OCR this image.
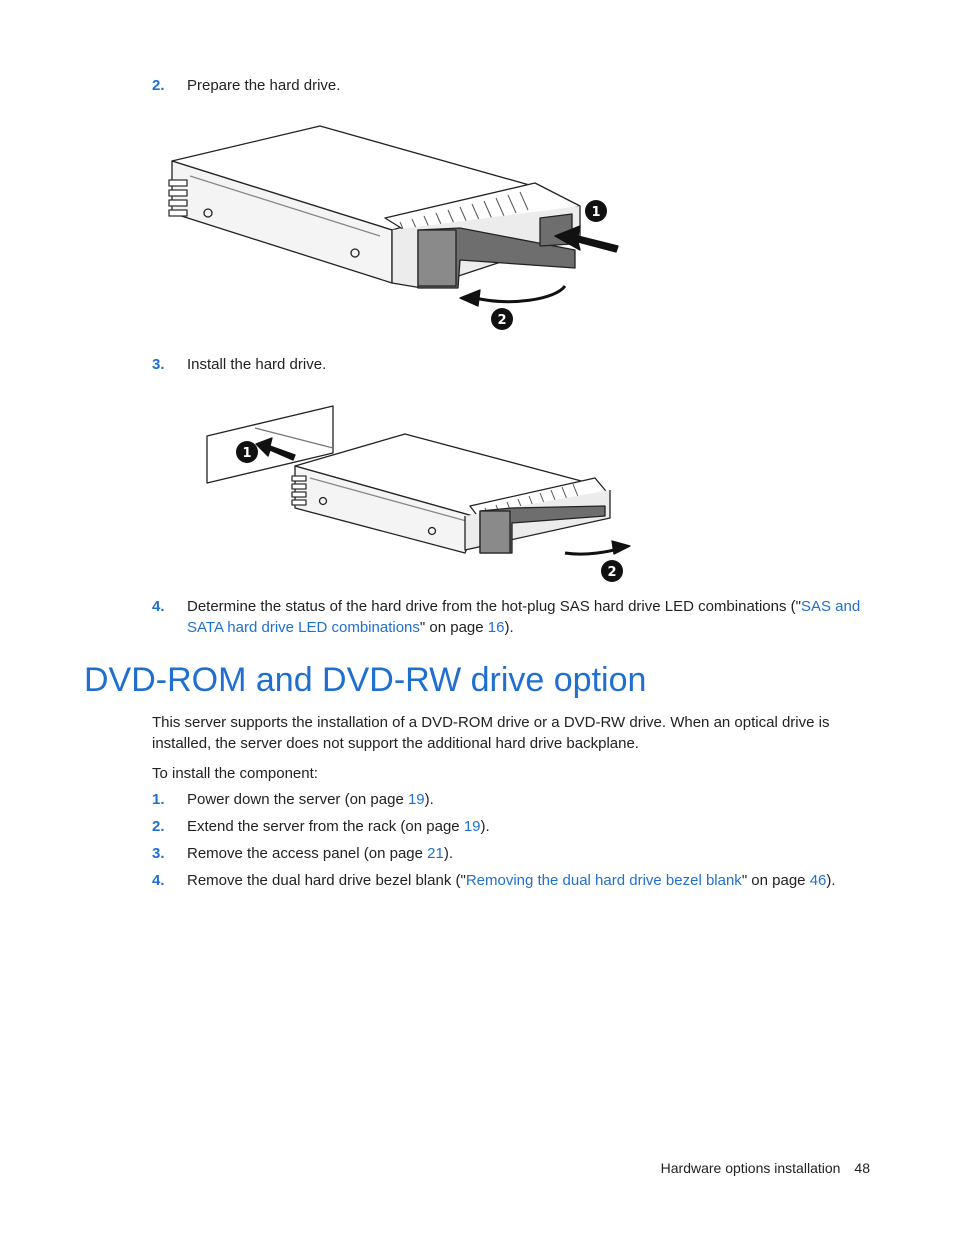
2. Prepare the hard drive.
1
2
3. Install the hard drive.
1
2
4. Determine the status of the hard drive from the hot-plug SAS hard drive LED combinations ("SAS and
SATA hard drive LED combinations" on page 16).
DVD-ROM and DVD-RW drive option
This server supports the installation of a DVD-ROM drive or a DVD-RW drive. When an optical drive is
installed, the server does not support the additional hard drive backplane.
To install the component:
1. Power down the server (on page 19).
2. Extend the server from the rack (on page 19).
3. Remove the access panel (on page 21).
4. Remove the dual hard drive bezel blank ("Removing the dual hard drive bezel blank" on page 46).
Hardware options installation 48
